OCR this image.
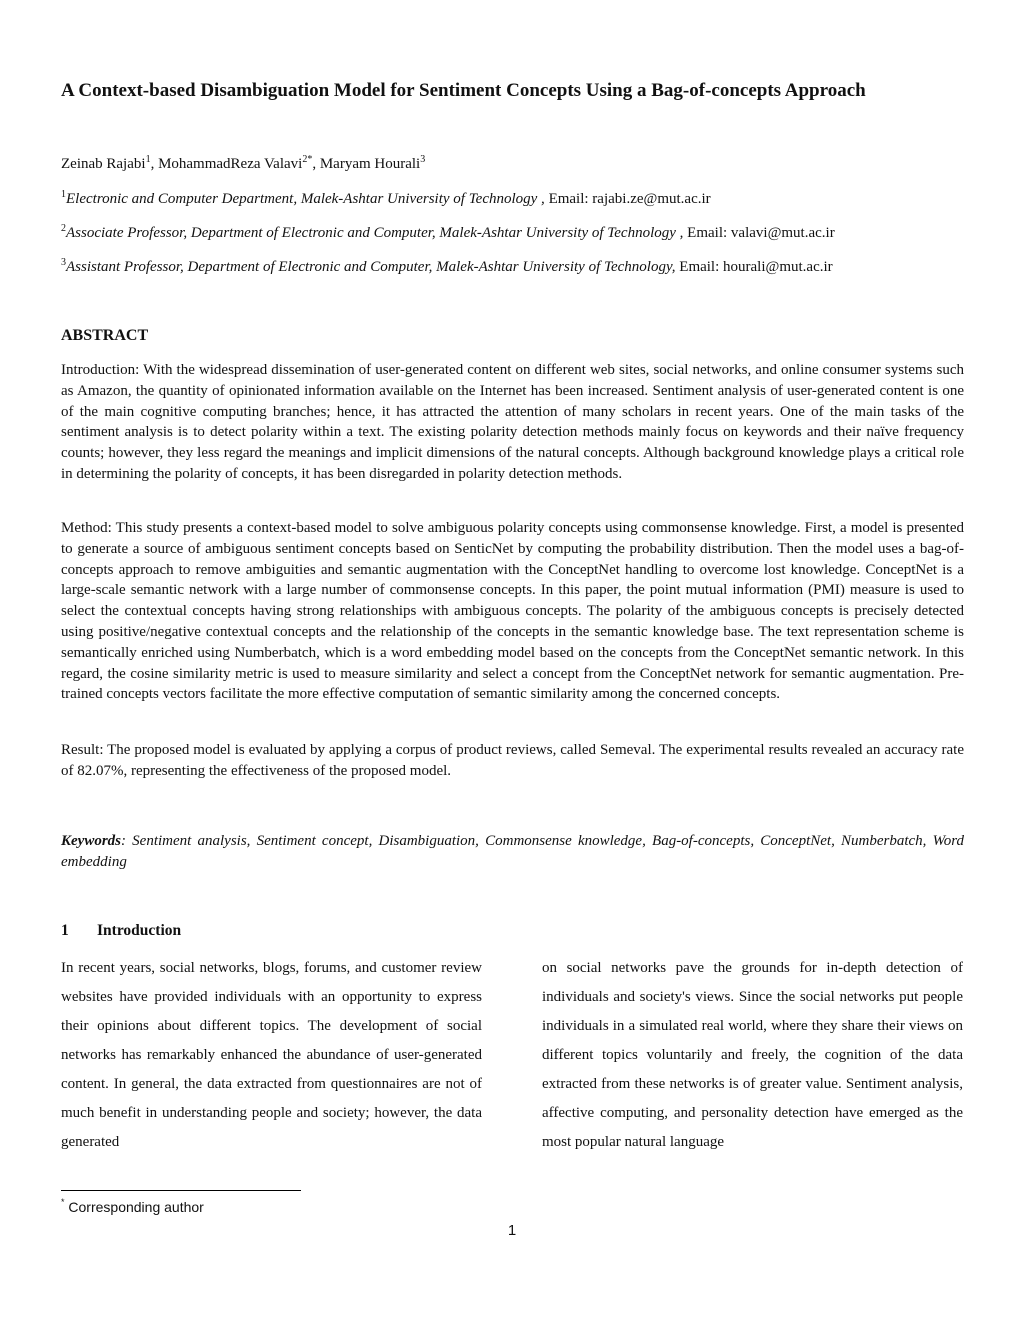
A Context-based Disambiguation Model for Sentiment Concepts Using a Bag-of-concepts Approach
Zeinab Rajabi$^1$, MohammadReza Valavi$^{2*}$, Maryam Hourali$^3$
$^1$Electronic and Computer Department, Malek-Ashtar University of Technology , Email: rajabi.ze@mut.ac.ir
$^2$Associate Professor, Department of Electronic and Computer, Malek-Ashtar University of Technology , Email: valavi@mut.ac.ir
$^3$Assistant Professor, Department of Electronic and Computer, Malek-Ashtar University of Technology, Email: hourali@mut.ac.ir
ABSTRACT

Introduction: With the widespread dissemination of user-generated content on different web sites, social networks, and online consumer systems such as Amazon, the quantity of opinionated information available on the Internet has been increased. Sentiment analysis of user-generated content is one of the main cognitive computing branches; hence, it has attracted the attention of many scholars in recent years. One of the main tasks of the sentiment analysis is to detect polarity within a text. The existing polarity detection methods mainly focus on keywords and their naïve frequency counts; however, they less regard the meanings and implicit dimensions of the natural concepts. Although background knowledge plays a critical role in determining the polarity of concepts, it has been disregarded in polarity detection methods.

Method: This study presents a context-based model to solve ambiguous polarity concepts using commonsense knowledge. First, a model is presented to generate a source of ambiguous sentiment concepts based on SenticNet by computing the probability distribution. Then the model uses a bag-of-concepts approach to remove ambiguities and semantic augmentation with the ConceptNet handling to overcome lost knowledge. ConceptNet is a large-scale semantic network with a large number of commonsense concepts. In this paper, the point mutual information (PMI) measure is used to select the contextual concepts having strong relationships with ambiguous concepts. The polarity of the ambiguous concepts is precisely detected using positive/negative contextual concepts and the relationship of the concepts in the semantic knowledge base. The text representation scheme is semantically enriched using Numberbatch, which is a word embedding model based on the concepts from the ConceptNet semantic network. In this regard, the cosine similarity metric is used to measure similarity and select a concept from the ConceptNet network for semantic augmentation. Pre-trained concepts vectors facilitate the more effective computation of semantic similarity among the concerned concepts.

Result: The proposed model is evaluated by applying a corpus of product reviews, called Semeval. The experimental results revealed an accuracy rate of 82.07%, representing the effectiveness of the proposed model.

Keywords: Sentiment analysis, Sentiment concept, Disambiguation, Commonsense knowledge, Bag-of-concepts, ConceptNet, Numberbatch, Word embedding

1 Introduction

In recent years, social networks, blogs, forums, and customer review websites have provided individuals with an opportunity to express their opinions about different topics. The development of social networks has remarkably enhanced the abundance of user-generated content. In general, the data extracted from questionnaires are not of much benefit in understanding people and society; however, the data generated

on social networks pave the grounds for in-depth detection of individuals and society's views. Since the social networks put people individuals in a simulated real world, where they share their views on different topics voluntarily and freely, the cognition of the data extracted from these networks is of greater value. Sentiment analysis, affective computing, and personality detection have emerged as the most popular natural language

* Corresponding author
1
